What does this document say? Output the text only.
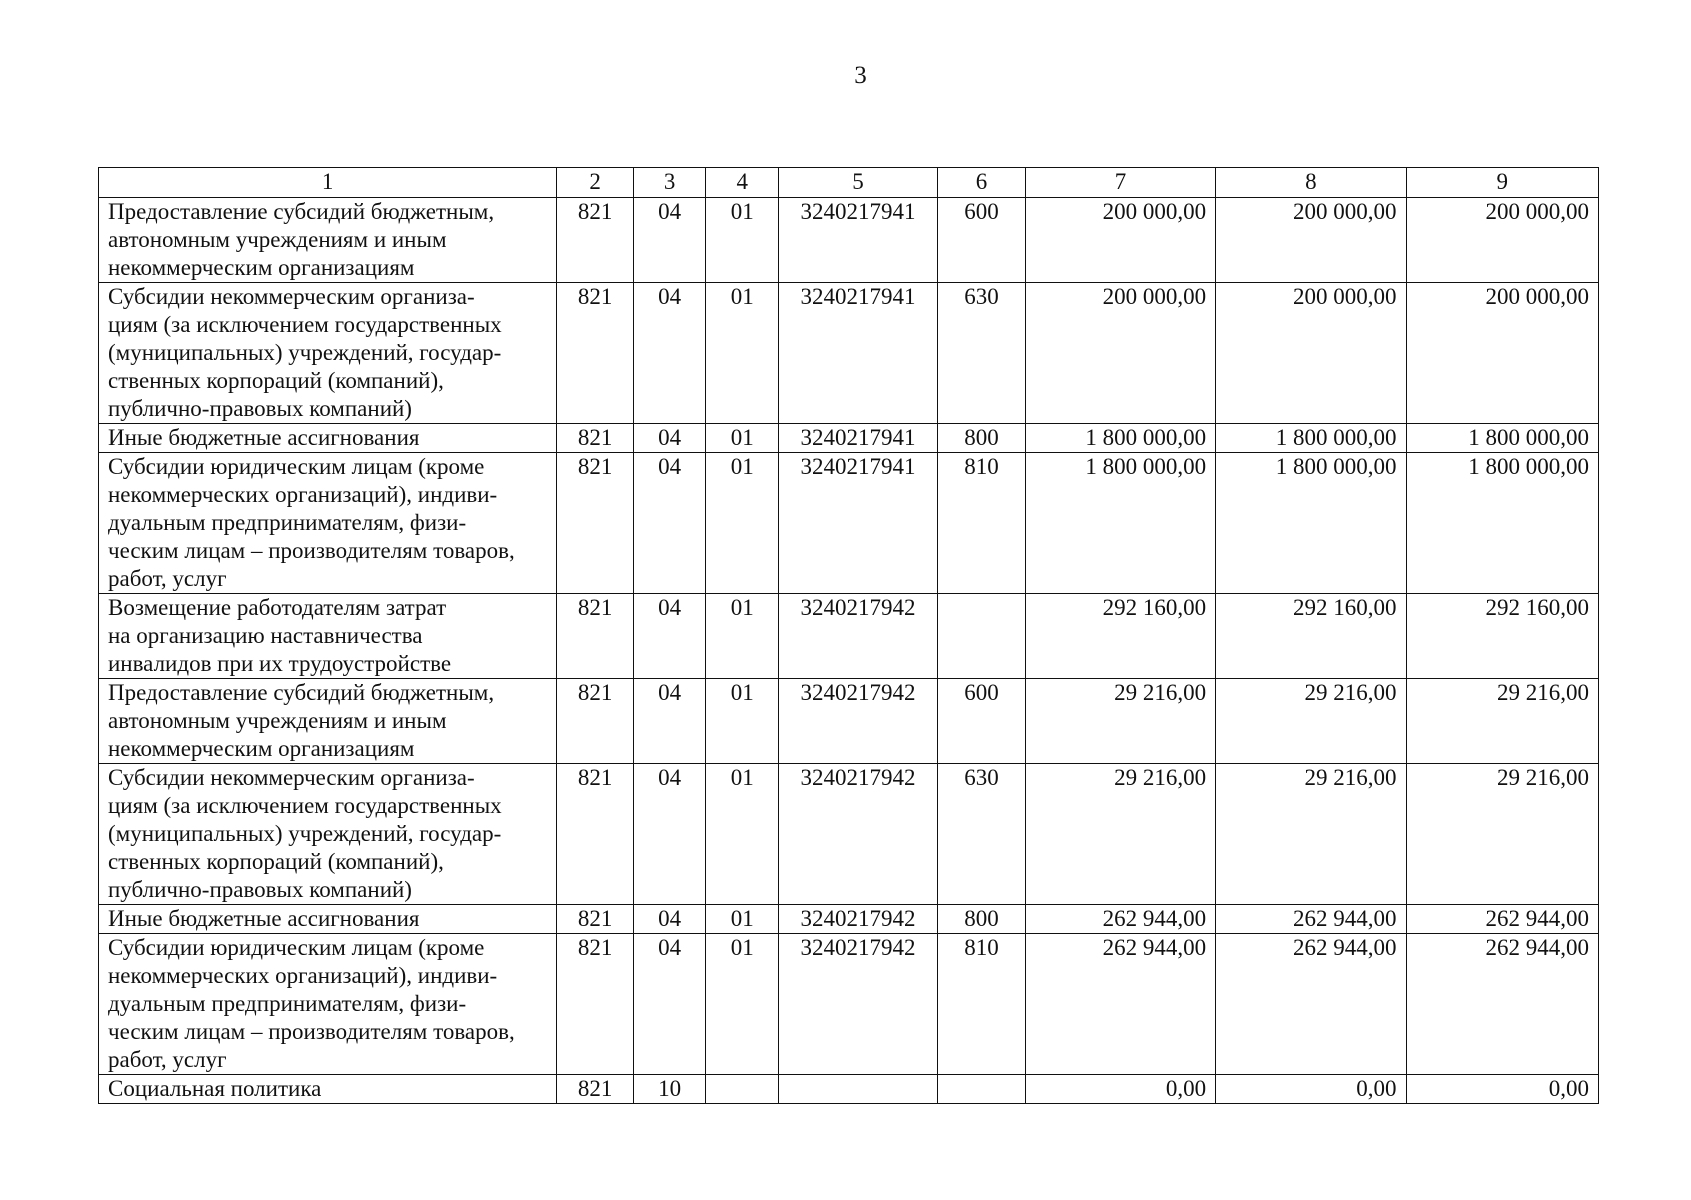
3
1	2	3	4	5	6	7	8	9
Предоставление субсидий бюджетным,
автономным учреждениям и иным
некоммерческим организациям	821	04	01	3240217941	600	200 000,00	200 000,00	200 000,00
Субсидии некоммерческим организа-
циям (за исключением государственных
(муниципальных) учреждений, государ-
ственных корпораций (компаний),
публично-правовых компаний)	821	04	01	3240217941	630	200 000,00	200 000,00	200 000,00
Иные бюджетные ассигнования	821	04	01	3240217941	800	1 800 000,00	1 800 000,00	1 800 000,00
Субсидии юридическим лицам (кроме
некоммерческих организаций), индиви-
дуальным предпринимателям, физи-
ческим лицам – производителям товаров,
работ, услуг	821	04	01	3240217941	810	1 800 000,00	1 800 000,00	1 800 000,00
Возмещение работодателям затрат
на организацию наставничества
инвалидов при их трудоустройстве	821	04	01	3240217942		292 160,00	292 160,00	292 160,00
Предоставление субсидий бюджетным,
автономным учреждениям и иным
некоммерческим организациям	821	04	01	3240217942	600	29 216,00	29 216,00	29 216,00
Субсидии некоммерческим организа-
циям (за исключением государственных
(муниципальных) учреждений, государ-
ственных корпораций (компаний),
публично-правовых компаний)	821	04	01	3240217942	630	29 216,00	29 216,00	29 216,00
Иные бюджетные ассигнования	821	04	01	3240217942	800	262 944,00	262 944,00	262 944,00
Субсидии юридическим лицам (кроме
некоммерческих организаций), индиви-
дуальным предпринимателям, физи-
ческим лицам – производителям товаров,
работ, услуг	821	04	01	3240217942	810	262 944,00	262 944,00	262 944,00
Социальная политика	821	10				0,00	0,00	0,00
